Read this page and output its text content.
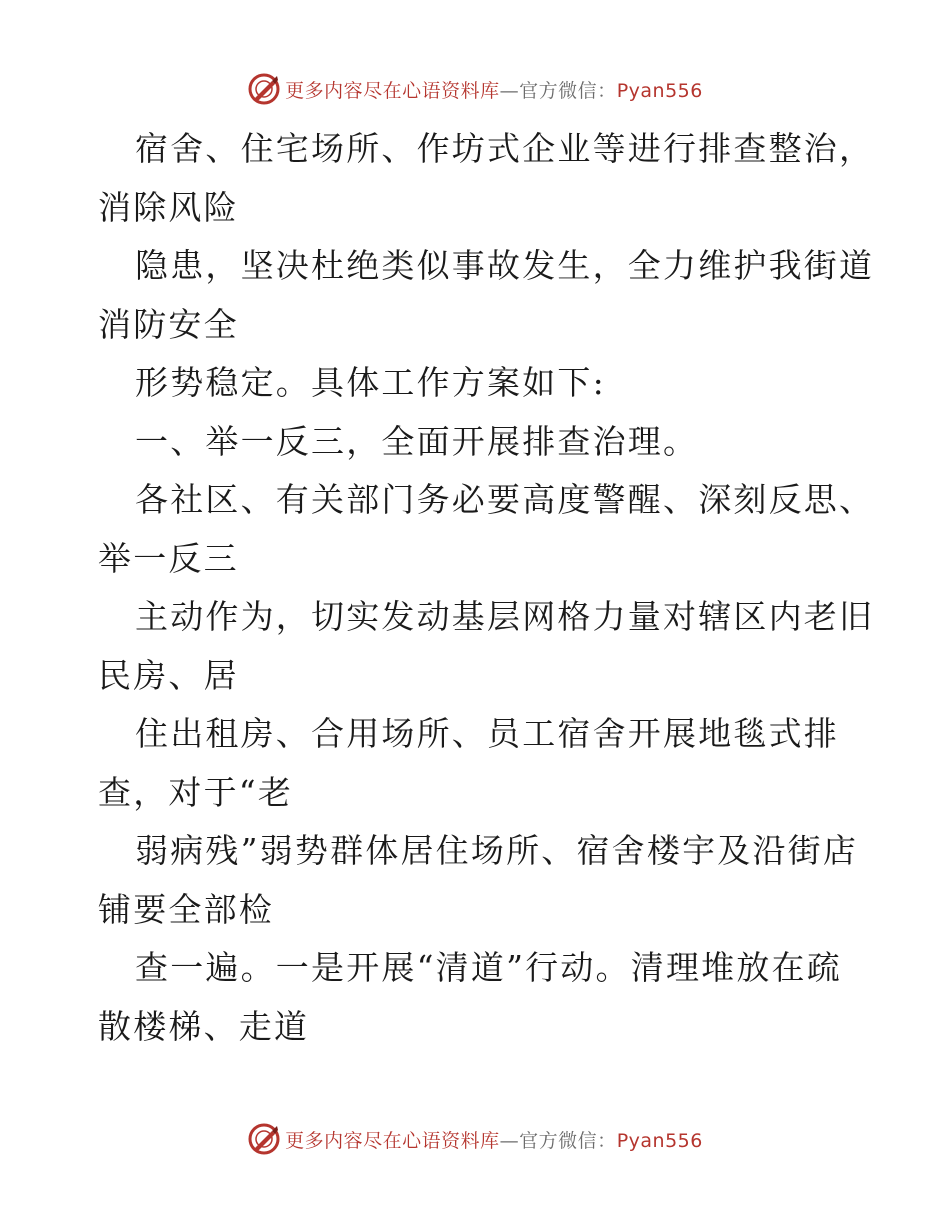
更多内容尽在心语资料库—官方微信：Pyan556
宿舍、住宅场所、作坊式企业等进行排查整治，
消除风险
隐患，坚决杜绝类似事故发生，全力维护我街道
消防安全
形势稳定。具体工作方案如下:
一、举一反三，全面开展排查治理。
各社区、有关部门务必要高度警醒、深刻反思、
举一反三
主动作为，切实发动基层网格力量对辖区内老旧
民房、居
住出租房、合用场所、员工宿舍开展地毯式排
查，对于“老
弱病残”弱势群体居住场所、宿舍楼宇及沿街店
铺要全部检
查一遍。一是开展“清道”行动。清理堆放在疏
散楼梯、走道
更多内容尽在心语资料库—官方微信：Pyan556
